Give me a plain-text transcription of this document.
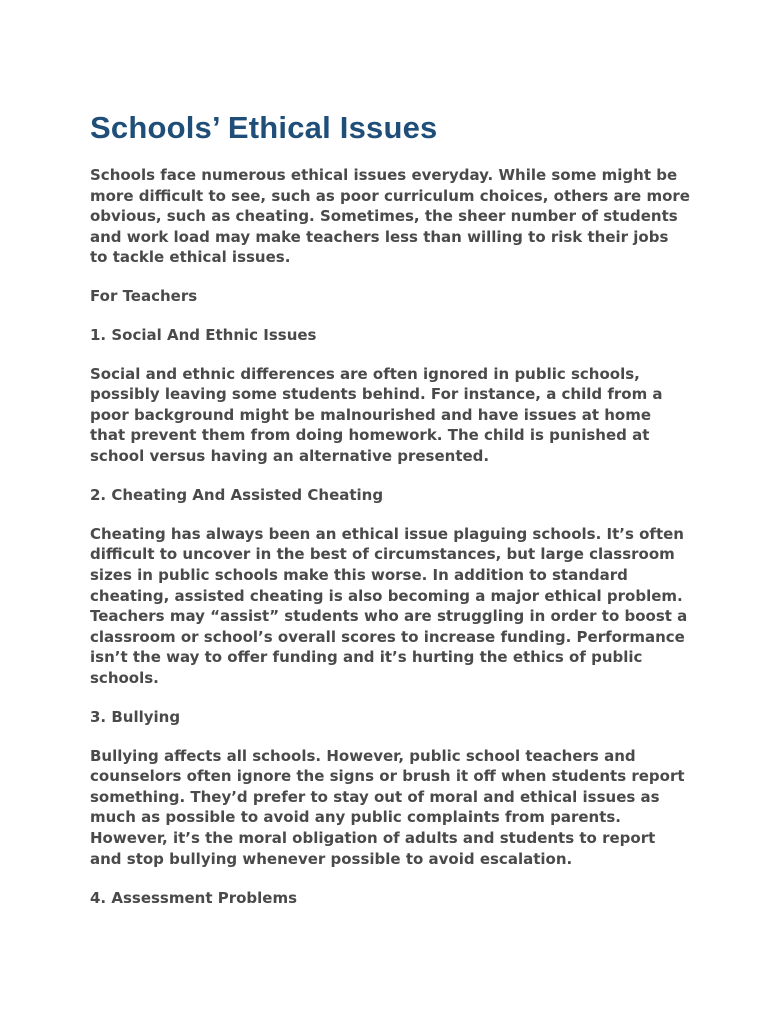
Schools’ Ethical Issues

Schools face numerous ethical issues everyday. While some might be more difficult to see, such as poor curriculum choices, others are more obvious, such as cheating. Sometimes, the sheer number of students and work load may make teachers less than willing to risk their jobs to tackle ethical issues.

For Teachers

1. Social And Ethnic Issues

Social and ethnic differences are often ignored in public schools, possibly leaving some students behind. For instance, a child from a poor background might be malnourished and have issues at home that prevent them from doing homework. The child is punished at school versus having an alternative presented.

2. Cheating And Assisted Cheating

Cheating has always been an ethical issue plaguing schools. It’s often difficult to uncover in the best of circumstances, but large classroom sizes in public schools make this worse. In addition to standard cheating, assisted cheating is also becoming a major ethical problem. Teachers may “assist” students who are struggling in order to boost a classroom or school’s overall scores to increase funding. Performance isn’t the way to offer funding and it’s hurting the ethics of public schools.

3. Bullying

Bullying affects all schools. However, public school teachers and counselors often ignore the signs or brush it off when students report something. They’d prefer to stay out of moral and ethical issues as much as possible to avoid any public complaints from parents. However, it’s the moral obligation of adults and students to report and stop bullying whenever possible to avoid escalation.

4. Assessment Problems
